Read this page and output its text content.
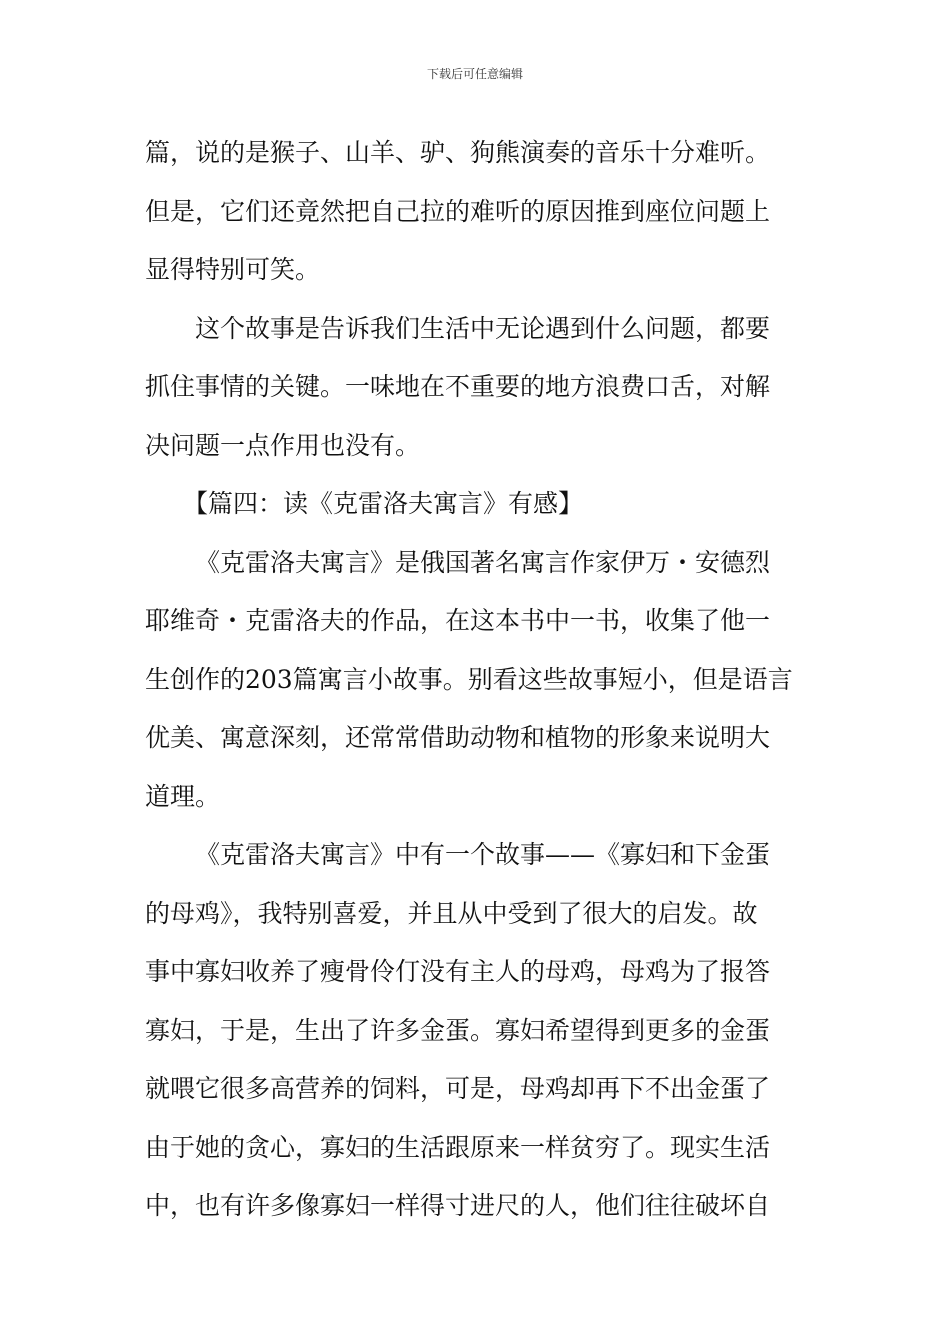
下载后可任意编辑
篇，说的是猴子、山羊、驴、狗熊演奏的音乐十分难听。
但是，它们还竟然把自己拉的难听的原因推到座位问题上
显得特别可笑。
这个故事是告诉我们生活中无论遇到什么问题，都要
抓住事情的关键。一味地在不重要的地方浪费口舌，对解
决问题一点作用也没有。
【篇四：读《克雷洛夫寓言》有感】
《克雷洛夫寓言》是俄国著名寓言作家伊万・安德烈
耶维奇・克雷洛夫的作品，在这本书中一书，收集了他一
生创作的203篇寓言小故事。别看这些故事短小，但是语言
优美、寓意深刻，还常常借助动物和植物的形象来说明大
道理。
《克雷洛夫寓言》中有一个故事——《寡妇和下金蛋
的母鸡》，我特别喜爱，并且从中受到了很大的启发。故
事中寡妇收养了瘦骨伶仃没有主人的母鸡，母鸡为了报答
寡妇，于是，生出了许多金蛋。寡妇希望得到更多的金蛋
就喂它很多高营养的饲料，可是，母鸡却再下不出金蛋了
由于她的贪心，寡妇的生活跟原来一样贫穷了。现实生活
中，也有许多像寡妇一样得寸进尺的人，他们往往破坏自
